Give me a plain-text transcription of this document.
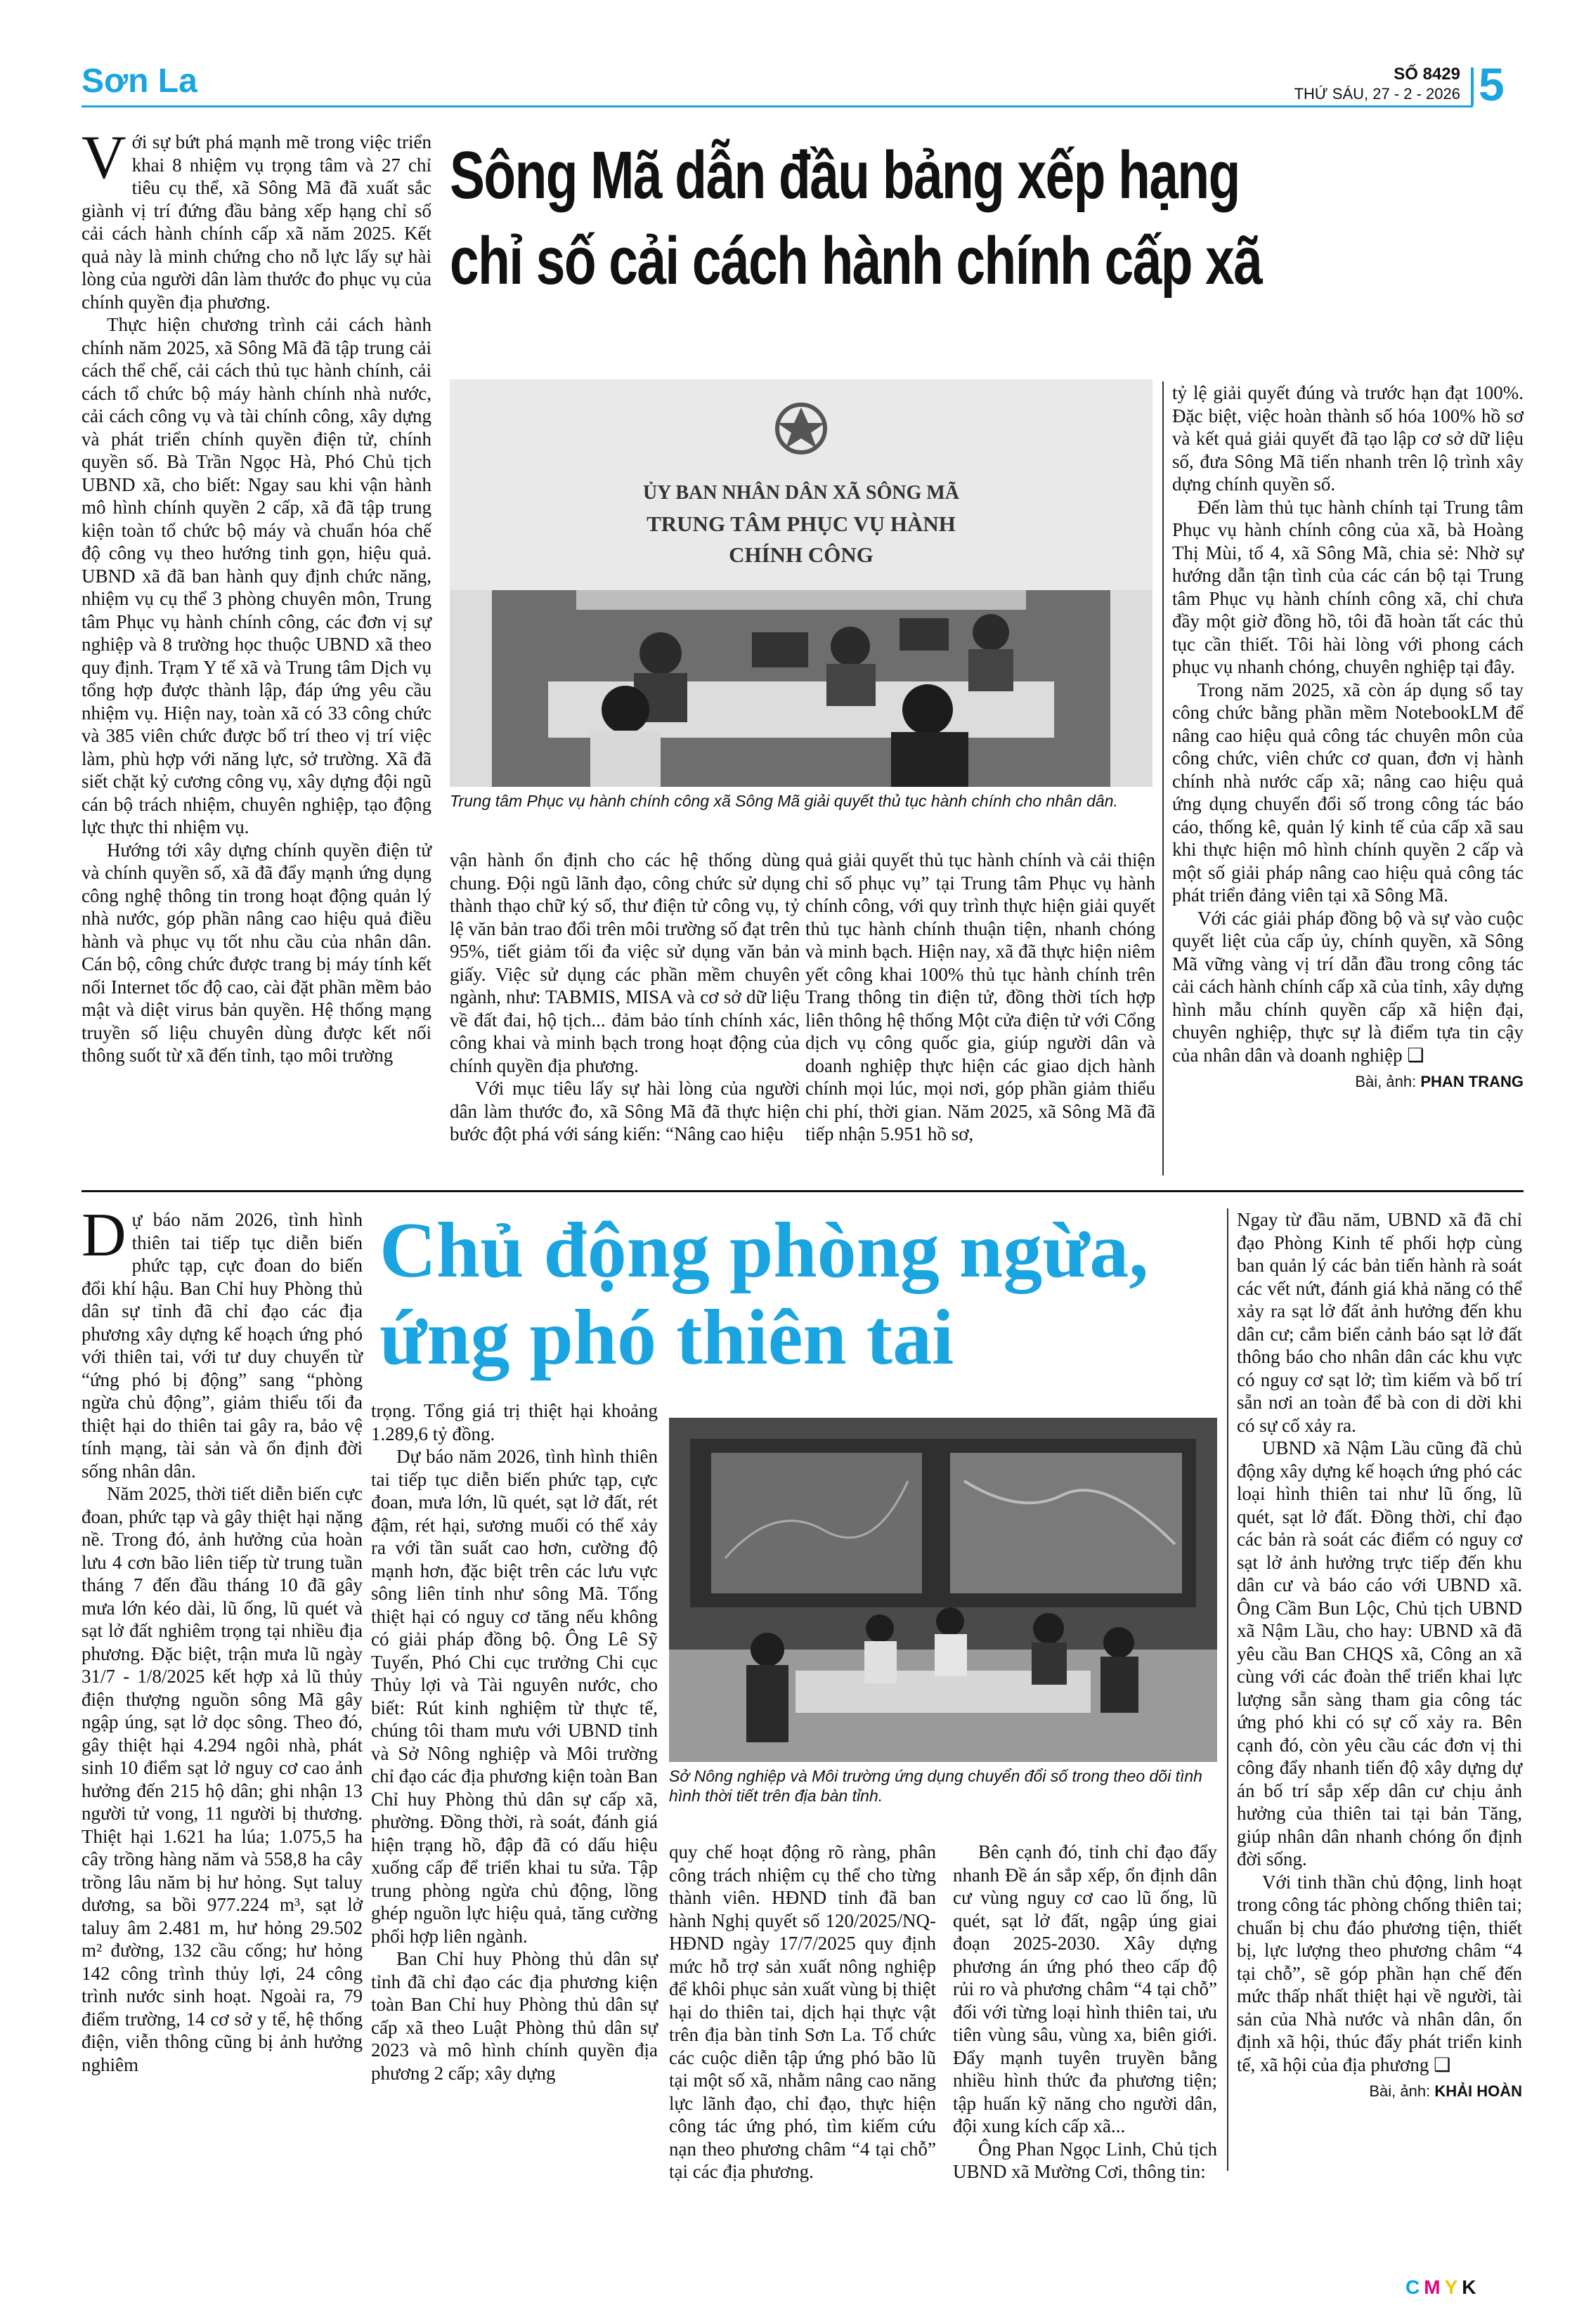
Sơn La	SỐ 8429
THỨ SÁU, 27 - 2 - 2026 5

Với sự bứt phá mạnh mẽ trong việc triển khai 8 nhiệm vụ trọng tâm và 27 chỉ tiêu cụ thể, xã Sông Mã đã xuất sắc giành vị trí đứng đầu bảng xếp hạng chỉ số cải cách hành chính cấp xã năm 2025. Kết quả này là minh chứng cho nỗ lực lấy sự hài lòng của người dân làm thước đo phục vụ của chính quyền địa phương.

Thực hiện chương trình cải cách hành chính năm 2025, xã Sông Mã đã tập trung cải cách thể chế, cải cách thủ tục hành chính, cải cách tổ chức bộ máy hành chính nhà nước, cải cách công vụ và tài chính công, xây dựng và phát triển chính quyền điện tử, chính quyền số. Bà Trần Ngọc Hà, Phó Chủ tịch UBND xã, cho biết: Ngay sau khi vận hành mô hình chính quyền 2 cấp, xã đã tập trung kiện toàn tổ chức bộ máy và chuẩn hóa chế độ công vụ theo hướng tinh gọn, hiệu quả. UBND xã đã ban hành quy định chức năng, nhiệm vụ cụ thể 3 phòng chuyên môn, Trung tâm Phục vụ hành chính công, các đơn vị sự nghiệp và 8 trường học thuộc UBND xã theo quy định. Trạm Y tế xã và Trung tâm Dịch vụ tổng hợp được thành lập, đáp ứng yêu cầu nhiệm vụ. Hiện nay, toàn xã có 33 công chức và 385 viên chức được bố trí theo vị trí việc làm, phù hợp với năng lực, sở trường. Xã đã siết chặt kỷ cương công vụ, xây dựng đội ngũ cán bộ trách nhiệm, chuyên nghiệp, tạo động lực thực thi nhiệm vụ.

Hướng tới xây dựng chính quyền điện tử và chính quyền số, xã đã đẩy mạnh ứng dụng công nghệ thông tin trong hoạt động quản lý nhà nước, góp phần nâng cao hiệu quả điều hành và phục vụ tốt nhu cầu của nhân dân. Cán bộ, công chức được trang bị máy tính kết nối Internet tốc độ cao, cài đặt phần mềm bảo mật và diệt virus bản quyền. Hệ thống mạng truyền số liệu chuyên dùng được kết nối thông suốt từ xã đến tỉnh, tạo môi trường

Sông Mã dẫn đầu bảng xếp hạng
chỉ số cải cách hành chính cấp xã
ỦY BAN NHÂN DÂN XÃ SÔNG MÃ
TRUNG TÂM PHỤC VỤ HÀNH CHÍNH CÔNG
Trung tâm Phục vụ hành chính công xã Sông Mã giải quyết thủ tục hành chính cho nhân dân.

vận hành ổn định cho các hệ thống dùng chung. Đội ngũ lãnh đạo, công chức sử dụng thành thạo chữ ký số, thư điện tử công vụ, tỷ lệ văn bản trao đổi trên môi trường số đạt trên 95%, tiết giảm tối đa việc sử dụng văn bản giấy. Việc sử dụng các phần mềm chuyên ngành, như: TABMIS, MISA và cơ sở dữ liệu về đất đai, hộ tịch... đảm bảo tính chính xác, công khai và minh bạch trong hoạt động của chính quyền địa phương.

Với mục tiêu lấy sự hài lòng của người dân làm thước đo, xã Sông Mã đã thực hiện bước đột phá với sáng kiến: “Nâng cao hiệu

quả giải quyết thủ tục hành chính và cải thiện chỉ số phục vụ” tại Trung tâm Phục vụ hành chính công, với quy trình thực hiện giải quyết thủ tục hành chính thuận tiện, nhanh chóng và minh bạch. Hiện nay, xã đã thực hiện niêm yết công khai 100% thủ tục hành chính trên Trang thông tin điện tử, đồng thời tích hợp liên thông hệ thống Một cửa điện tử với Cổng dịch vụ công quốc gia, giúp người dân và doanh nghiệp thực hiện các giao dịch hành chính mọi lúc, mọi nơi, góp phần giảm thiểu chi phí, thời gian. Năm 2025, xã Sông Mã đã tiếp nhận 5.951 hồ sơ,

tỷ lệ giải quyết đúng và trước hạn đạt 100%. Đặc biệt, việc hoàn thành số hóa 100% hồ sơ và kết quả giải quyết đã tạo lập cơ sở dữ liệu số, đưa Sông Mã tiến nhanh trên lộ trình xây dựng chính quyền số.

Đến làm thủ tục hành chính tại Trung tâm Phục vụ hành chính công của xã, bà Hoàng Thị Mùi, tổ 4, xã Sông Mã, chia sẻ: Nhờ sự hướng dẫn tận tình của các cán bộ tại Trung tâm Phục vụ hành chính công xã, chỉ chưa đầy một giờ đồng hồ, tôi đã hoàn tất các thủ tục cần thiết. Tôi hài lòng với phong cách phục vụ nhanh chóng, chuyên nghiệp tại đây.

Trong năm 2025, xã còn áp dụng sổ tay công chức bằng phần mềm NotebookLM để nâng cao hiệu quả công tác chuyên môn của công chức, viên chức cơ quan, đơn vị hành chính nhà nước cấp xã; nâng cao hiệu quả ứng dụng chuyển đổi số trong công tác báo cáo, thống kê, quản lý kinh tế của cấp xã sau khi thực hiện mô hình chính quyền 2 cấp và một số giải pháp nâng cao hiệu quả công tác phát triển đảng viên tại xã Sông Mã.

Với các giải pháp đồng bộ và sự vào cuộc quyết liệt của cấp ủy, chính quyền, xã Sông Mã vững vàng vị trí dẫn đầu trong công tác cải cách hành chính cấp xã của tỉnh, xây dựng hình mẫu chính quyền cấp xã hiện đại, chuyên nghiệp, thực sự là điểm tựa tin cậy của nhân dân và doanh nghiệp ❑

Bài, ảnh: PHAN TRANG

Dự báo năm 2026, tình hình thiên tai tiếp tục diễn biến phức tạp, cực đoan do biến đổi khí hậu. Ban Chỉ huy Phòng thủ dân sự tỉnh đã chỉ đạo các địa phương xây dựng kế hoạch ứng phó với thiên tai, với tư duy chuyển từ “ứng phó bị động” sang “phòng ngừa chủ động”, giảm thiểu tối đa thiệt hại do thiên tai gây ra, bảo vệ tính mạng, tài sản và ổn định đời sống nhân dân.

Năm 2025, thời tiết diễn biến cực đoan, phức tạp và gây thiệt hại nặng nề. Trong đó, ảnh hưởng của hoàn lưu 4 cơn bão liên tiếp từ trung tuần tháng 7 đến đầu tháng 10 đã gây mưa lớn kéo dài, lũ ống, lũ quét và sạt lở đất nghiêm trọng tại nhiều địa phương. Đặc biệt, trận mưa lũ ngày 31/7 - 1/8/2025 kết hợp xả lũ thủy điện thượng nguồn sông Mã gây ngập úng, sạt lở dọc sông. Theo đó, gây thiệt hại 4.294 ngôi nhà, phát sinh 10 điểm sạt lở nguy cơ cao ảnh hưởng đến 215 hộ dân; ghi nhận 13 người tử vong, 11 người bị thương. Thiệt hại 1.621 ha lúa; 1.075,5 ha cây trồng hàng năm và 558,8 ha cây trồng lâu năm bị hư hỏng. Sụt taluy dương, sa bồi 977.224 m³, sạt lở taluy âm 2.481 m, hư hỏng 29.502 m² đường, 132 cầu cống; hư hỏng 142 công trình thủy lợi, 24 công trình nước sinh hoạt. Ngoài ra, 79 điểm trường, 14 cơ sở y tế, hệ thống điện, viễn thông cũng bị ảnh hưởng nghiêm

Chủ động phòng ngừa,
ứng phó thiên tai

trọng. Tổng giá trị thiệt hại khoảng 1.289,6 tỷ đồng.

Dự báo năm 2026, tình hình thiên tai tiếp tục diễn biến phức tạp, cực đoan, mưa lớn, lũ quét, sạt lở đất, rét đậm, rét hại, sương muối có thể xảy ra với tần suất cao hơn, cường độ mạnh hơn, đặc biệt trên các lưu vực sông liên tỉnh như sông Mã. Tổng thiệt hại có nguy cơ tăng nếu không có giải pháp đồng bộ. Ông Lê Sỹ Tuyến, Phó Chi cục trưởng Chi cục Thủy lợi và Tài nguyên nước, cho biết: Rút kinh nghiệm từ thực tế, chúng tôi tham mưu với UBND tỉnh và Sở Nông nghiệp và Môi trường chỉ đạo các địa phương kiện toàn Ban Chỉ huy Phòng thủ dân sự cấp xã, phường. Đồng thời, rà soát, đánh giá hiện trạng hồ, đập đã có dấu hiệu xuống cấp để triển khai tu sửa. Tập trung phòng ngừa chủ động, lồng ghép nguồn lực hiệu quả, tăng cường phối hợp liên ngành.

Ban Chỉ huy Phòng thủ dân sự tỉnh đã chỉ đạo các địa phương kiện toàn Ban Chỉ huy Phòng thủ dân sự cấp xã theo Luật Phòng thủ dân sự 2023 và mô hình chính quyền địa phương 2 cấp; xây dựng

Sở Nông nghiệp và Môi trường ứng dụng chuyển đổi số trong theo dõi tình hình thời tiết trên địa bàn tỉnh.

quy chế hoạt động rõ ràng, phân công trách nhiệm cụ thể cho từng thành viên. HĐND tỉnh đã ban hành Nghị quyết số 120/2025/NQ-HĐND ngày 17/7/2025 quy định mức hỗ trợ sản xuất nông nghiệp để khôi phục sản xuất vùng bị thiệt hại do thiên tai, dịch hại thực vật trên địa bàn tỉnh Sơn La. Tổ chức các cuộc diễn tập ứng phó bão lũ tại một số xã, nhằm nâng cao năng lực lãnh đạo, chỉ đạo, thực hiện công tác ứng phó, tìm kiếm cứu nạn theo phương châm “4 tại chỗ” tại các địa phương.

Bên cạnh đó, tỉnh chỉ đạo đẩy nhanh Đề án sắp xếp, ổn định dân cư vùng nguy cơ cao lũ ống, lũ quét, sạt lở đất, ngập úng giai đoạn 2025-2030. Xây dựng phương án ứng phó theo cấp độ rủi ro và phương châm “4 tại chỗ” đối với từng loại hình thiên tai, ưu tiên vùng sâu, vùng xa, biên giới. Đẩy mạnh tuyên truyền bằng nhiều hình thức đa phương tiện; tập huấn kỹ năng cho người dân, đội xung kích cấp xã...

Ông Phan Ngọc Linh, Chủ tịch UBND xã Mường Cơi, thông tin:

Ngay từ đầu năm, UBND xã đã chỉ đạo Phòng Kinh tế phối hợp cùng ban quản lý các bản tiến hành rà soát các vết nứt, đánh giá khả năng có thể xảy ra sạt lở đất ảnh hưởng đến khu dân cư; cắm biển cảnh báo sạt lở đất thông báo cho nhân dân các khu vực có nguy cơ sạt lở; tìm kiếm và bố trí sẵn nơi an toàn để bà con di dời khi có sự cố xảy ra.

UBND xã Nậm Lầu cũng đã chủ động xây dựng kế hoạch ứng phó các loại hình thiên tai như lũ ống, lũ quét, sạt lở đất. Đồng thời, chỉ đạo các bản rà soát các điểm có nguy cơ sạt lở ảnh hưởng trực tiếp đến khu dân cư và báo cáo với UBND xã. Ông Cầm Bun Lộc, Chủ tịch UBND xã Nậm Lầu, cho hay: UBND xã đã yêu cầu Ban CHQS xã, Công an xã cùng với các đoàn thể triển khai lực lượng sẵn sàng tham gia công tác ứng phó khi có sự cố xảy ra. Bên cạnh đó, còn yêu cầu các đơn vị thi công đẩy nhanh tiến độ xây dựng dự án bố trí sắp xếp dân cư chịu ảnh hưởng của thiên tai tại bản Tăng, giúp nhân dân nhanh chóng ổn định đời sống.

Với tinh thần chủ động, linh hoạt trong công tác phòng chống thiên tai; chuẩn bị chu đáo phương tiện, thiết bị, lực lượng theo phương châm “4 tại chỗ”, sẽ góp phần hạn chế đến mức thấp nhất thiệt hại về người, tài sản của Nhà nước và nhân dân, ổn định xã hội, thúc đẩy phát triển kinh tế, xã hội của địa phương ❑

Bài, ảnh: KHẢI HOÀN
CMYK
